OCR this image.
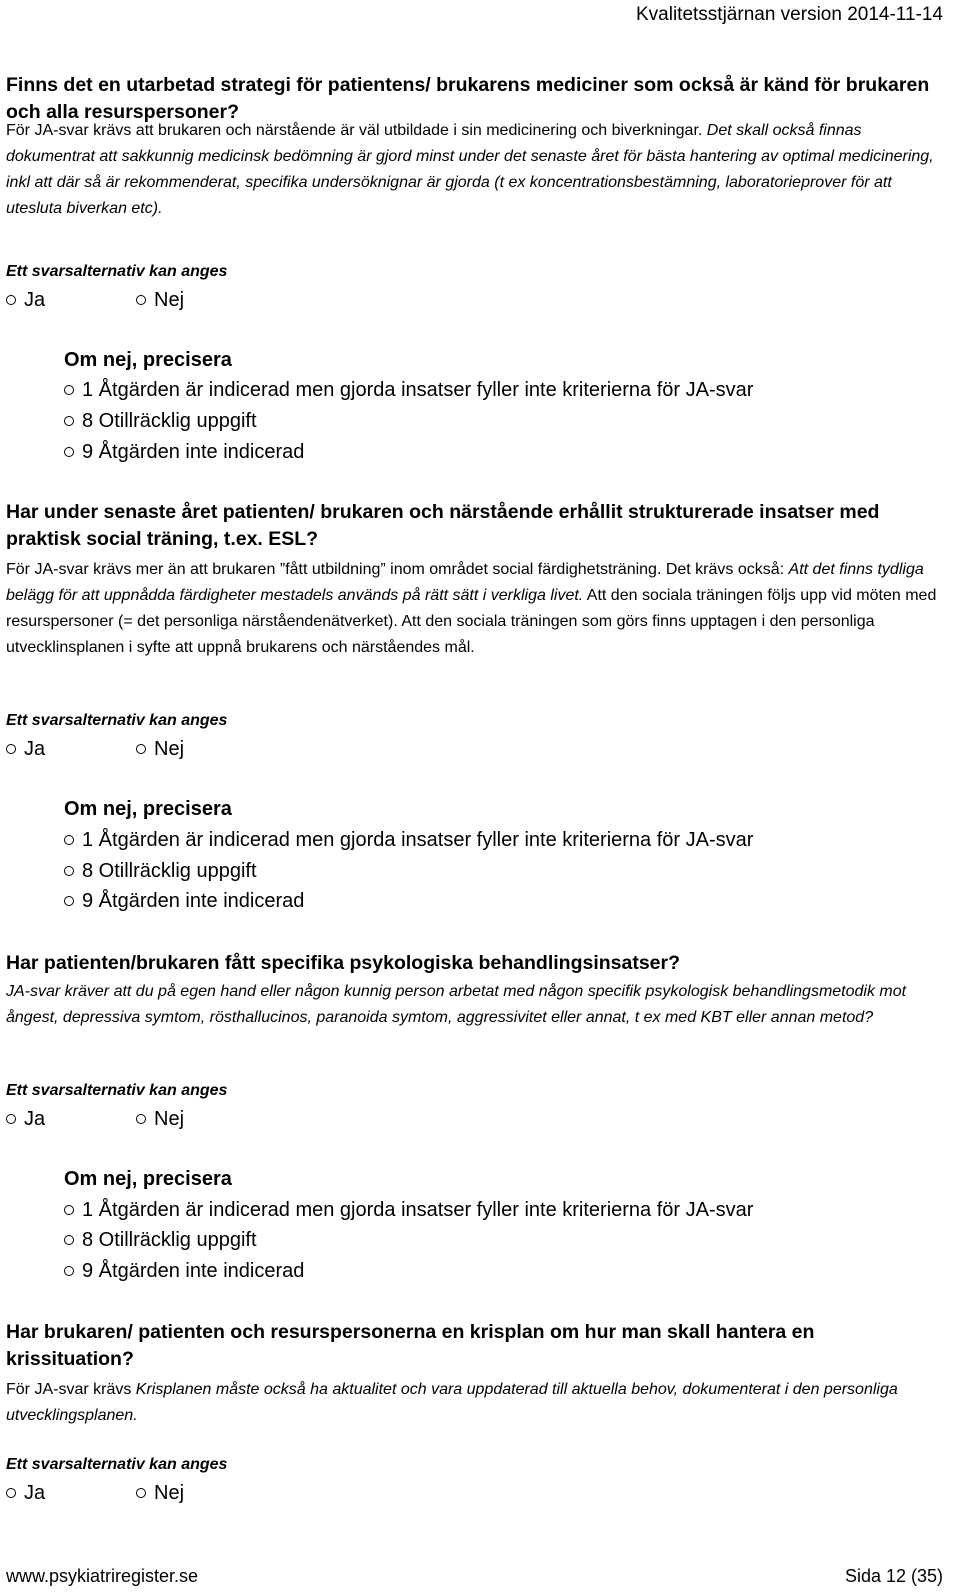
Kvalitetsstjärnan version 2014-11-14
Finns det en utarbetad strategi för patientens/ brukarens mediciner som också är känd för brukaren och alla resurspersoner?
För JA-svar krävs att brukaren och närstående är väl utbildade i sin medicinering och biverkningar. Det skall också finnas dokumentrat att sakkunnig medicinsk bedömning är gjord minst under det senaste året för bästa hantering av optimal medicinering, inkl att där så är rekommenderat, specifika undersöknignar är gjorda (t ex koncentrationsbestämning, laboratorieprover för att utesluta biverkan etc).
Ett svarsalternativ kan anges
Ja	Nej
Om nej, precisera
1 Åtgärden är indicerad men gjorda insatser fyller inte kriterierna för JA-svar
8 Otillräcklig uppgift
9 Åtgärden inte indicerad
Har under senaste året patienten/ brukaren och närstående erhållit strukturerade insatser med praktisk social träning, t.ex. ESL?
För JA-svar krävs mer än att brukaren ”fått utbildning” inom området social färdighetsträning. Det krävs också: Att det finns tydliga belägg för att uppnådda färdigheter mestadels används på rätt sätt i verkliga livet. Att den sociala träningen följs upp vid möten med resurspersoner (= det personliga närståendenätverket). Att den sociala träningen som görs finns upptagen i den personliga utvecklinsplanen i syfte att uppnå brukarens och närståendes mål.
Ett svarsalternativ kan anges
Ja	Nej
Om nej, precisera
1 Åtgärden är indicerad men gjorda insatser fyller inte kriterierna för JA-svar
8 Otillräcklig uppgift
9 Åtgärden inte indicerad
Har patienten/brukaren fått specifika psykologiska behandlingsinsatser?
JA-svar kräver att du på egen hand eller någon kunnig person arbetat med någon specifik psykologisk behandlingsmetodik mot ångest, depressiva symtom, rösthallucinos, paranoida symtom, aggressivitet eller annat, t ex med KBT eller annan metod?
Ett svarsalternativ kan anges
Ja	Nej
Om nej, precisera
1 Åtgärden är indicerad men gjorda insatser fyller inte kriterierna för JA-svar
8 Otillräcklig uppgift
9 Åtgärden inte indicerad
Har brukaren/ patienten och resurspersonerna en krisplan om hur man skall hantera en krissituation?
För JA-svar krävs Krisplanen måste också ha aktualitet och vara uppdaterad till aktuella behov, dokumenterat i den personliga utvecklingsplanen.
Ett svarsalternativ kan anges
Ja	Nej
www.psykiatriregister.se	Sida 12 (35)
